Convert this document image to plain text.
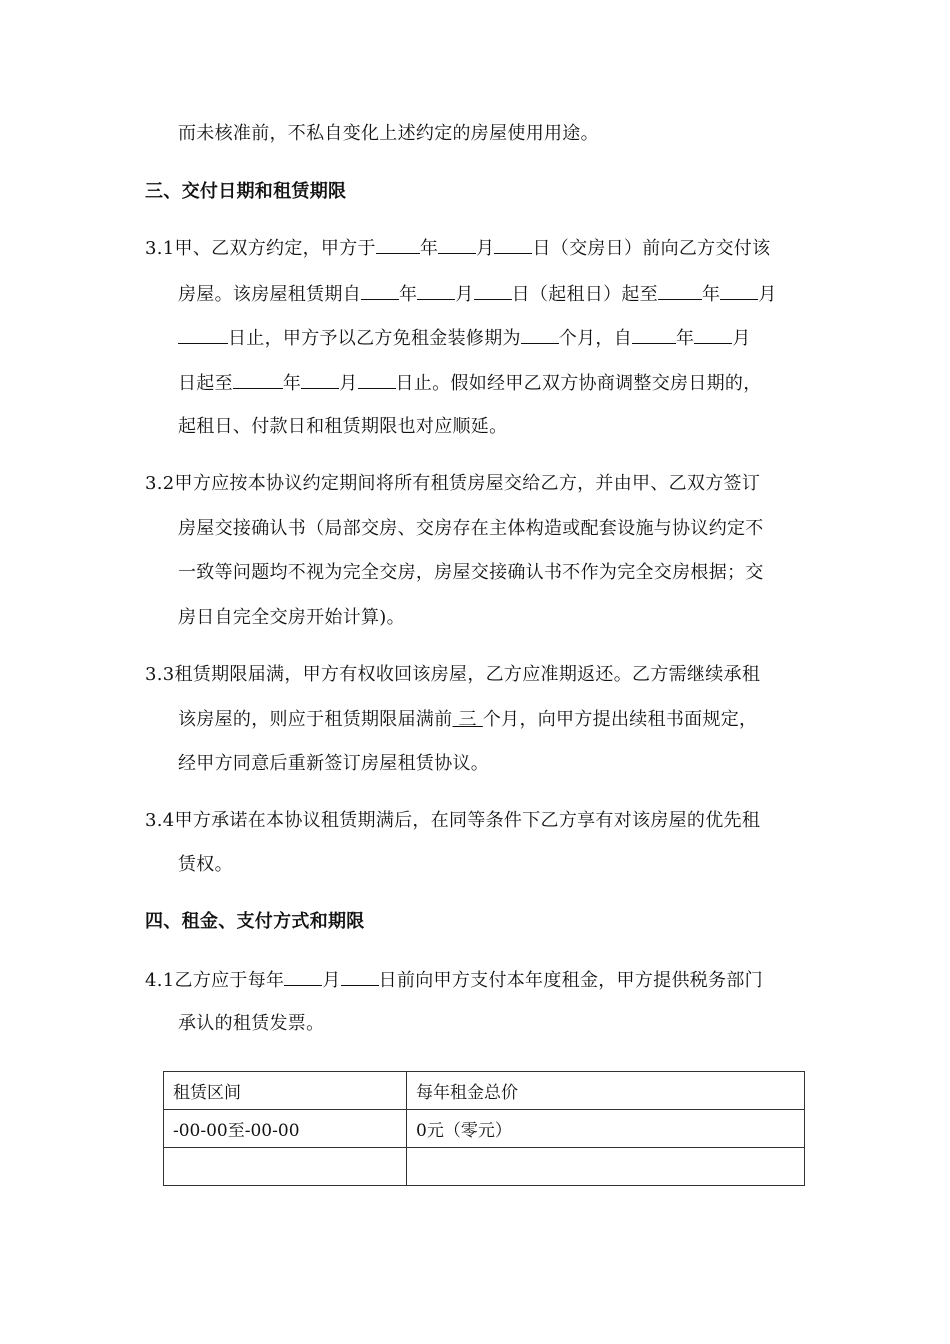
而未核准前，不私自变化上述约定的房屋使用用途。
三、交付日期和租赁期限
3.1甲、乙双方约定，甲方于 年 月 日（交房日）前向乙方交付该
房屋。该房屋租赁期自 年 月 日（起租日）起至 年 月
日止，甲方予以乙方免租金装修期为 个月，自 年 月
日起至	年 月 日止。假如经甲乙双方协商调整交房日期的，
起租日、付款日和租赁期限也对应顺延。
3.2甲方应按本协议约定期间将所有租赁房屋交给乙方，并由甲、乙双方签订
房屋交接确认书（局部交房、交房存在主体构造或配套设施与协议约定不
一致等问题均不视为完全交房，房屋交接确认书不作为完全交房根据；交
房日自完全交房开始计算)。
3.3租赁期限届满，甲方有权收回该房屋，乙方应准期返还。乙方需继续承租
该房屋的，则应于租赁期限届满前 三 个月，向甲方提出续租书面规定，
经甲方同意后重新签订房屋租赁协议。
3.4甲方承诺在本协议租赁期满后，在同等条件下乙方享有对该房屋的优先租
赁权。
四、租金、支付方式和期限
4.1乙方应于每年 月 日前向甲方支付本年度租金，甲方提供税务部门
承认的租赁发票。
租赁区间	每年租金总价
-00-00至-00-00	0元（零元）
